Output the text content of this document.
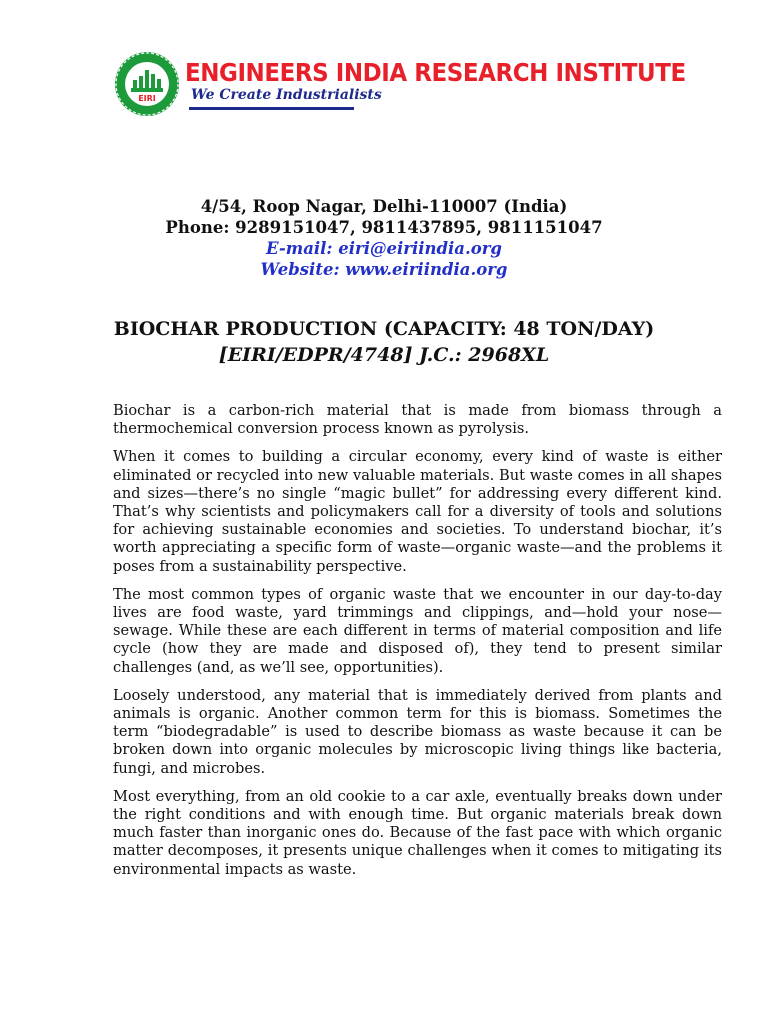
EIRI
ENGINEERS INDIA RESEARCH INSTITUTE
We Create Industrialists
4/54, Roop Nagar, Delhi-110007 (India)
Phone: 9289151047, 9811437895, 9811151047
E-mail: eiri@eiriindia.org
Website: www.eiriindia.org
BIOCHAR PRODUCTION (CAPACITY: 48 TON/DAY)
[EIRI/EDPR/4748] J.C.: 2968XL

Biochar is a carbon-rich material that is made from biomass through a thermochemical conversion process known as pyrolysis.

When it comes to building a circular economy, every kind of waste is either eliminated or recycled into new valuable materials. But waste comes in all shapes and sizes—there’s no single “magic bullet” for addressing every different kind. That’s why scientists and policymakers call for a diversity of tools and solutions for achieving sustainable economies and societies. To understand biochar, it’s worth appreciating a specific form of waste—organic waste—and the problems it poses from a sustainability perspective.

The most common types of organic waste that we encounter in our day-to-day lives are food waste, yard trimmings and clippings, and—hold your nose—sewage. While these are each different in terms of material composition and life cycle (how they are made and disposed of), they tend to present similar challenges (and, as we’ll see, opportunities).

Loosely understood, any material that is immediately derived from plants and animals is organic. Another common term for this is biomass. Sometimes the term “biodegradable” is used to describe biomass as waste because it can be broken down into organic molecules by microscopic living things like bacteria, fungi, and microbes.

Most everything, from an old cookie to a car axle, eventually breaks down under the right conditions and with enough time. But organic materials break down much faster than inorganic ones do. Because of the fast pace with which organic matter decomposes, it presents unique challenges when it comes to mitigating its environmental impacts as waste.
